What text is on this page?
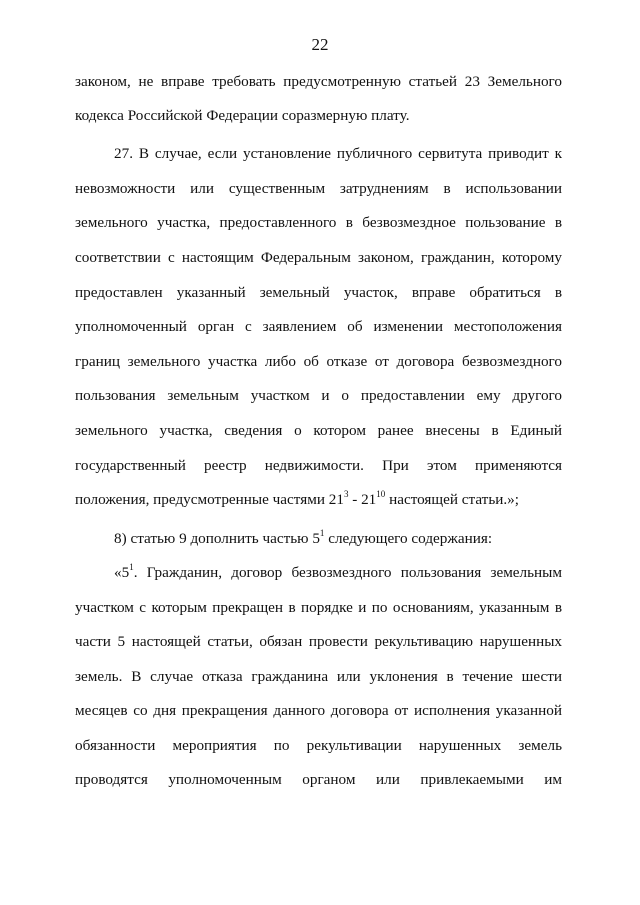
22
законом, не вправе требовать предусмотренную статьей 23 Земельного
кодекса Российской Федерации соразмерную плату.
27. В случае, если установление публичного сервитута приводит к
невозможности или существенным затруднениям в использовании
земельного участка, предоставленного в безвозмездное пользование в
соответствии с настоящим Федеральным законом, гражданин, которому
предоставлен указанный земельный участок, вправе обратиться в
уполномоченный орган с заявлением об изменении местоположения
границ земельного участка либо об отказе от договора безвозмездного
пользования земельным участком и о предоставлении ему другого
земельного участка, сведения о котором ранее внесены в Единый
государственный реестр недвижимости. При этом применяются
положения, предусмотренные частями $21^3 - 21^{10}$ настоящей статьи.»;
8) статью 9 дополнить частью $5^1$ следующего содержания:
«$5^1$. Гражданин, договор безвозмездного пользования земельным
участком с которым прекращен в порядке и по основаниям, указанным в
части 5 настоящей статьи, обязан провести рекультивацию нарушенных
земель. В случае отказа гражданина или уклонения в течение шести
месяцев со дня прекращения данного договора от исполнения указанной
обязанности мероприятия по рекультивации нарушенных земель
проводятся уполномоченным органом или привлекаемыми им
